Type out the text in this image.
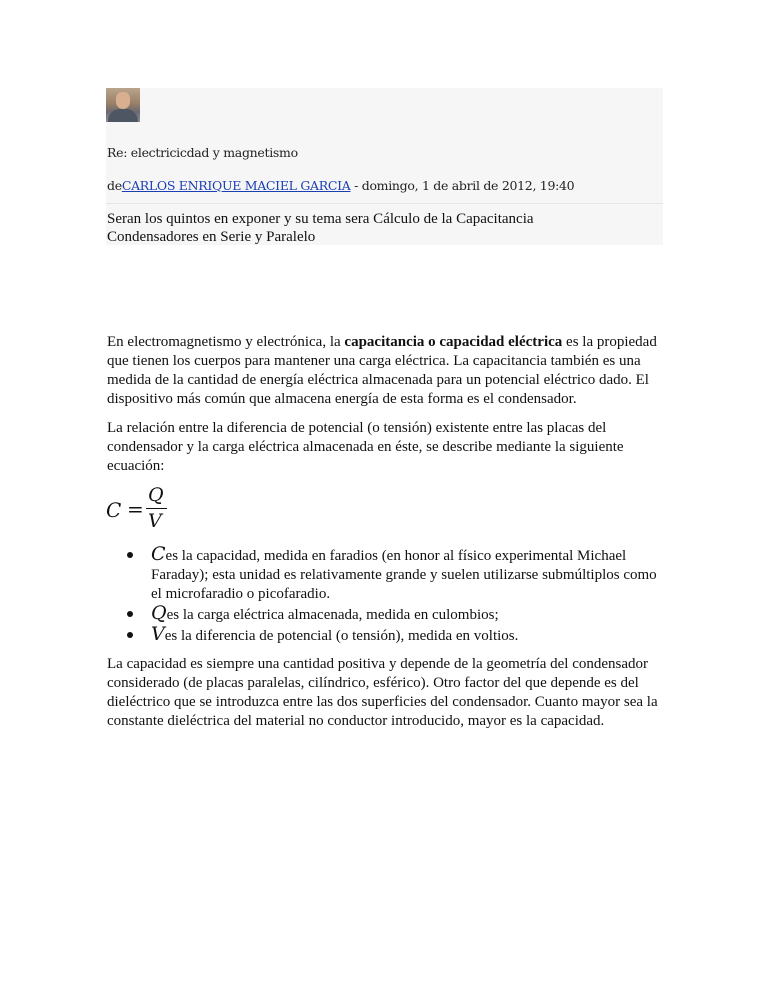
Re: electricicdad y magnetismo
deCARLOS ENRIQUE MACIEL GARCIA - domingo, 1 de abril de 2012, 19:40
Seran los quintos en exponer y su tema sera Cálculo de la Capacitancia
Condensadores en Serie y Paralelo
En electromagnetismo y electrónica, la capacitancia o capacidad eléctrica es la propiedad que tienen los cuerpos para mantener una carga eléctrica. La capacitancia también es una medida de la cantidad de energía eléctrica almacenada para un potencial eléctrico dado. El dispositivo más común que almacena energía de esta forma es el condensador.
La relación entre la diferencia de potencial (o tensión) existente entre las placas del condensador y la carga eléctrica almacenada en éste, se describe mediante la siguiente ecuación:
C =
Q
V
Ces la capacidad, medida en faradios (en honor al físico experimental Michael Faraday); esta unidad es relativamente grande y suelen utilizarse submúltiplos como el microfaradio o picofaradio.
Qes la carga eléctrica almacenada, medida en culombios;
Ves la diferencia de potencial (o tensión), medida en voltios.
La capacidad es siempre una cantidad positiva y depende de la geometría del condensador considerado (de placas paralelas, cilíndrico, esférico). Otro factor del que depende es del dieléctrico que se introduzca entre las dos superficies del condensador. Cuanto mayor sea la constante dieléctrica del material no conductor introducido, mayor es la capacidad.
